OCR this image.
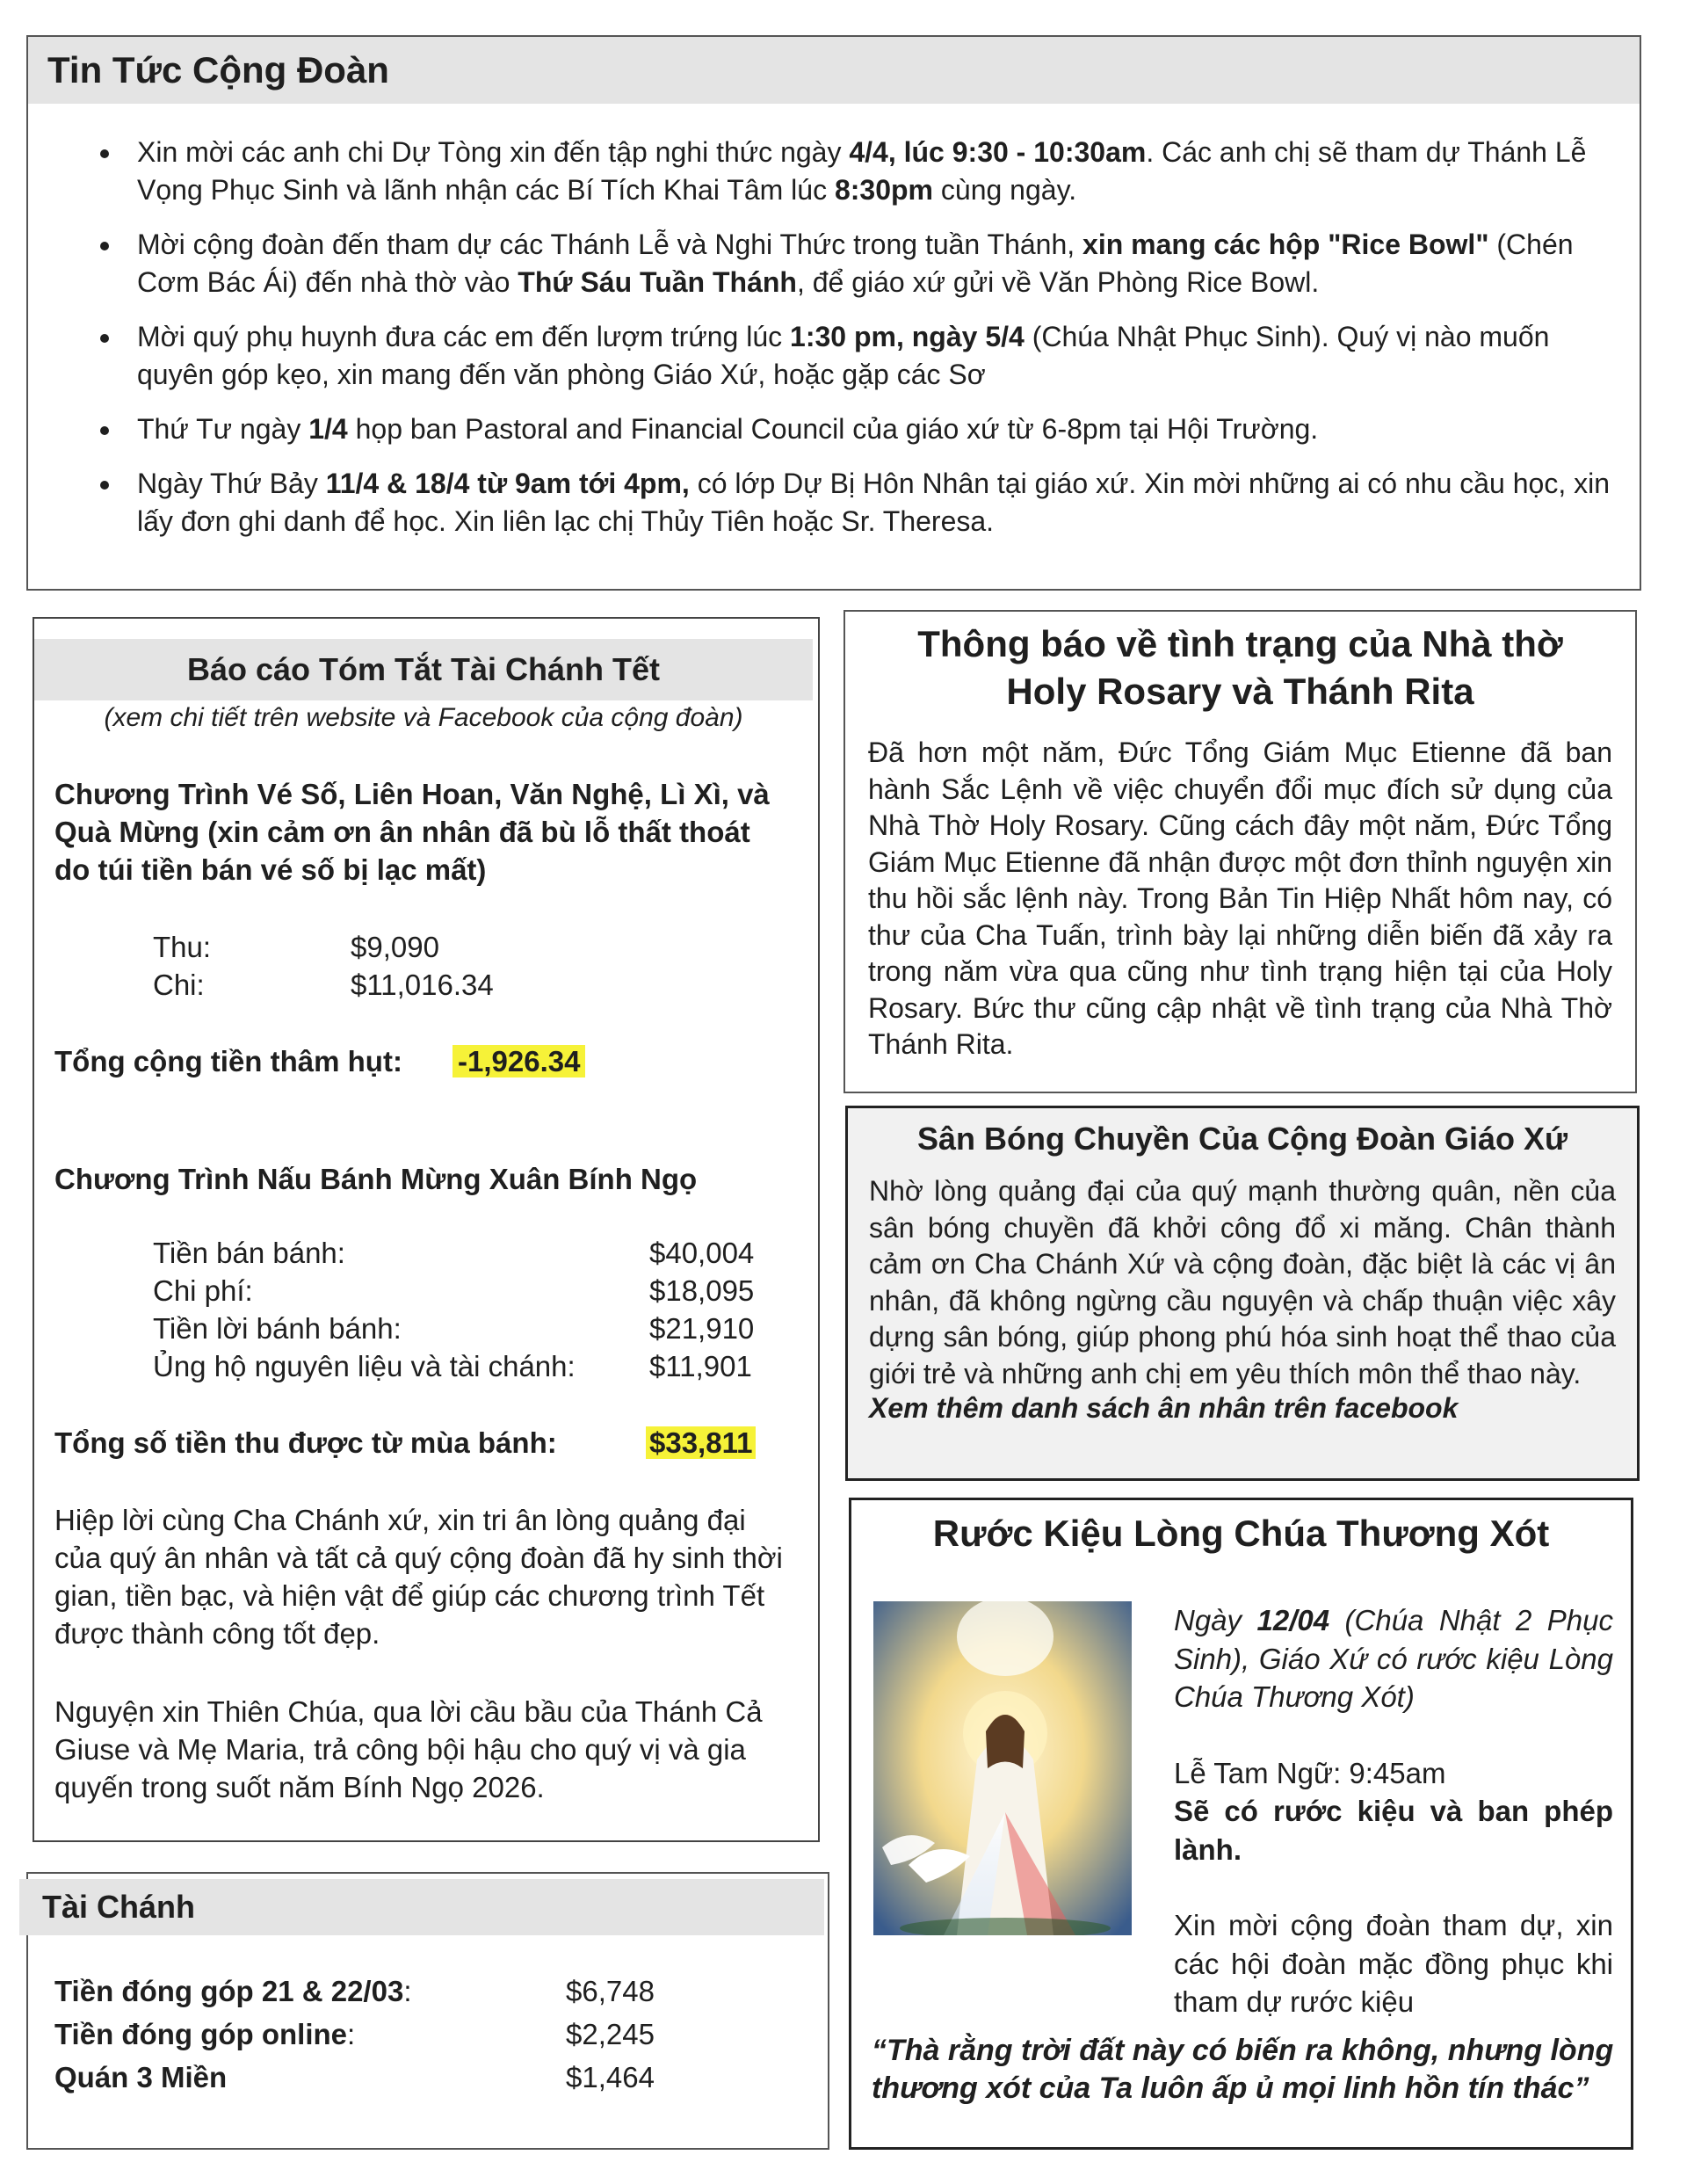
Tin Tức Cộng Đoàn
• Xin mời các anh chi Dự Tòng xin đến tập nghi thức ngày 4/4, lúc 9:30 - 10:30am. Các anh chị sẽ tham dự Thánh Lễ Vọng Phục Sinh và lãnh nhận các Bí Tích Khai Tâm lúc 8:30pm cùng ngày.
• Mời cộng đoàn đến tham dự các Thánh Lễ và Nghi Thức trong tuần Thánh, xin mang các hộp "Rice Bowl" (Chén Cơm Bác Ái) đến nhà thờ vào Thứ Sáu Tuần Thánh, để giáo xứ gửi về Văn Phòng Rice Bowl.
• Mời quý phụ huynh đưa các em đến lượm trứng lúc 1:30 pm, ngày 5/4 (Chúa Nhật Phục Sinh). Quý vị nào muốn quyên góp kẹo, xin mang đến văn phòng Giáo Xứ, hoặc gặp các Sơ
• Thứ Tư ngày 1/4 họp ban Pastoral and Financial Council của giáo xứ từ 6-8pm tại Hội Trường.
• Ngày Thứ Bảy 11/4 & 18/4 từ 9am tới 4pm, có lớp Dự Bị Hôn Nhân tại giáo xứ. Xin mời những ai có nhu cầu học, xin lấy đơn ghi danh để học. Xin liên lạc chị Thủy Tiên hoặc Sr. Theresa.
Báo cáo Tóm Tắt Tài Chánh Tết
(xem chi tiết trên website và Facebook của cộng đoàn)
Chương Trình Vé Số, Liên Hoan, Văn Nghệ, Lì Xì, và Quà Mừng (xin cảm ơn ân nhân đã bù lỗ thất thoát do túi tiền bán vé số bị lạc mất)
Thu:	$9,090
Chi:	$11,016.34
Tổng cộng tiền thâm hụt: -1,926.34
Chương Trình Nấu Bánh Mừng Xuân Bính Ngọ
Tiền bán bánh:	$40,004
Chi phí:	$18,095
Tiền lời bánh bánh:	$21,910
Ủng hộ nguyên liệu và tài chánh:	$11,901
Tổng số tiền thu được từ mùa bánh:	$33,811
Hiệp lời cùng Cha Chánh xứ, xin tri ân lòng quảng đại của quý ân nhân và tất cả quý cộng đoàn đã hy sinh thời gian, tiền bạc, và hiện vật để giúp các chương trình Tết được thành công tốt đẹp.
Nguyện xin Thiên Chúa, qua lời cầu bầu của Thánh Cả Giuse và Mẹ Maria, trả công bội hậu cho quý vị và gia quyến trong suốt năm Bính Ngọ 2026.
Thông báo về tình trạng của Nhà thờ
Holy Rosary và Thánh Rita
Đã hơn một năm, Đức Tổng Giám Mục Etienne đã ban hành Sắc Lệnh về việc chuyển đổi mục đích sử dụng của Nhà Thờ Holy Rosary. Cũng cách đây một năm, Đức Tổng Giám Mục Etienne đã nhận được một đơn thỉnh nguyện xin thu hồi sắc lệnh này. Trong Bản Tin Hiệp Nhất hôm nay, có thư của Cha Tuấn, trình bày lại những diễn biến đã xảy ra trong năm vừa qua cũng như tình trạng hiện tại của Holy Rosary. Bức thư cũng cập nhật về tình trạng của Nhà Thờ Thánh Rita.
Sân Bóng Chuyền Của Cộng Đoàn Giáo Xứ
Nhờ lòng quảng đại của quý mạnh thường quân, nền của sân bóng chuyền đã khởi công đổ xi măng. Chân thành cảm ơn Cha Chánh Xứ và cộng đoàn, đặc biệt là các vị ân nhân, đã không ngừng cầu nguyện và chấp thuận việc xây dựng sân bóng, giúp phong phú hóa sinh hoạt thể thao của giới trẻ và những anh chị em yêu thích môn thể thao này.
Xem thêm danh sách ân nhân trên facebook
Rước Kiệu Lòng Chúa Thương Xót
Ngày 12/04 (Chúa Nhật 2 Phục Sinh), Giáo Xứ có rước kiệu Lòng Chúa Thương Xót)
Lễ Tam Ngữ: 9:45am
Sẽ có rước kiệu và ban phép lành.
Xin mời cộng đoàn tham dự, xin các hội đoàn mặc đồng phục khi tham dự rước kiệu
“Thà rằng trời đất này có biến ra không, nhưng lòng thương xót của Ta luôn ấp ủ mọi linh hồn tín thác”
Tài Chánh
Tiền đóng góp 21 & 22/03:	$6,748
Tiền đóng góp online:	$2,245
Quán 3 Miền	$1,464
